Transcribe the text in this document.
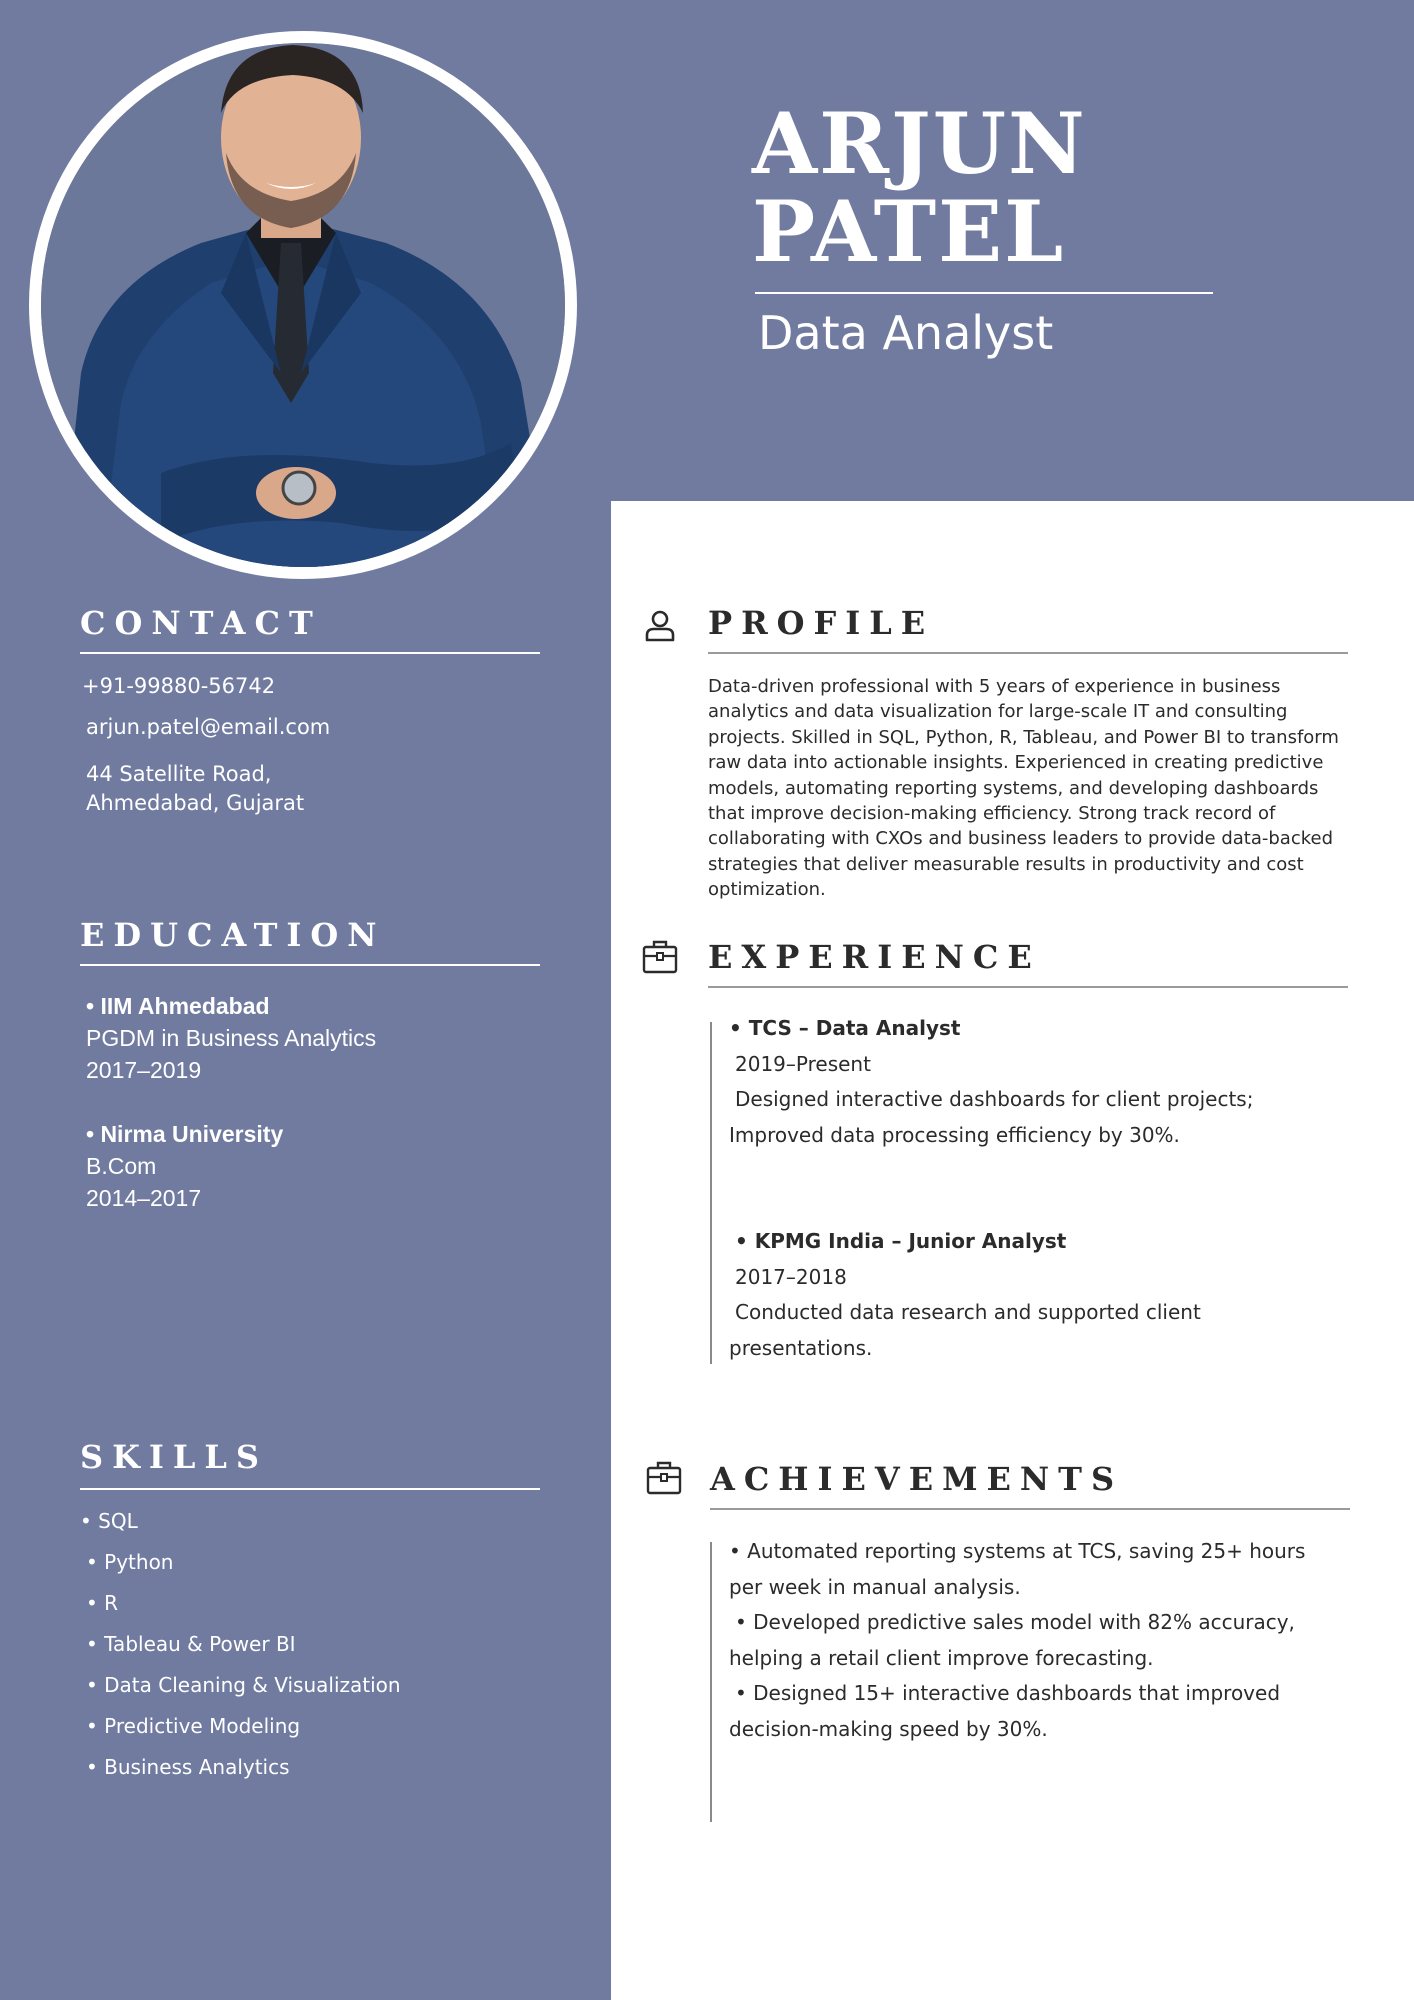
ARJUN
PATEL
Data Analyst
CONTACT
+91-99880-56742
arjun.patel@email.com
44 Satellite Road,
Ahmedabad, Gujarat
EDUCATION
• IIM Ahmedabad
PGDM in Business Analytics
2017–2019
• Nirma University
B.Com
2014–2017
SKILLS
• SQL
• Python
• R
• Tableau & Power BI
• Data Cleaning & Visualization
• Predictive Modeling
• Business Analytics
PROFILE

Data-driven professional with 5 years of experience in business analytics and data visualization for large-scale IT and consulting projects. Skilled in SQL, Python, R, Tableau, and Power BI to transform raw data into actionable insights. Experienced in creating predictive models, automating reporting systems, and developing dashboards that improve decision-making efficiency. Strong track record of collaborating with CXOs and business leaders to provide data-backed strategies that deliver measurable results in productivity and cost optimization.

EXPERIENCE
• TCS – Data Analyst
2019–Present
Designed interactive dashboards for client projects; Improved data processing efficiency by 30%.
• KPMG India – Junior Analyst
2017–2018
Conducted data research and supported client presentations.
ACHIEVEMENTS
• Automated reporting systems at TCS, saving 25+ hours per week in manual analysis.
• Developed predictive sales model with 82% accuracy, helping a retail client improve forecasting.
• Designed 15+ interactive dashboards that improved decision-making speed by 30%.
